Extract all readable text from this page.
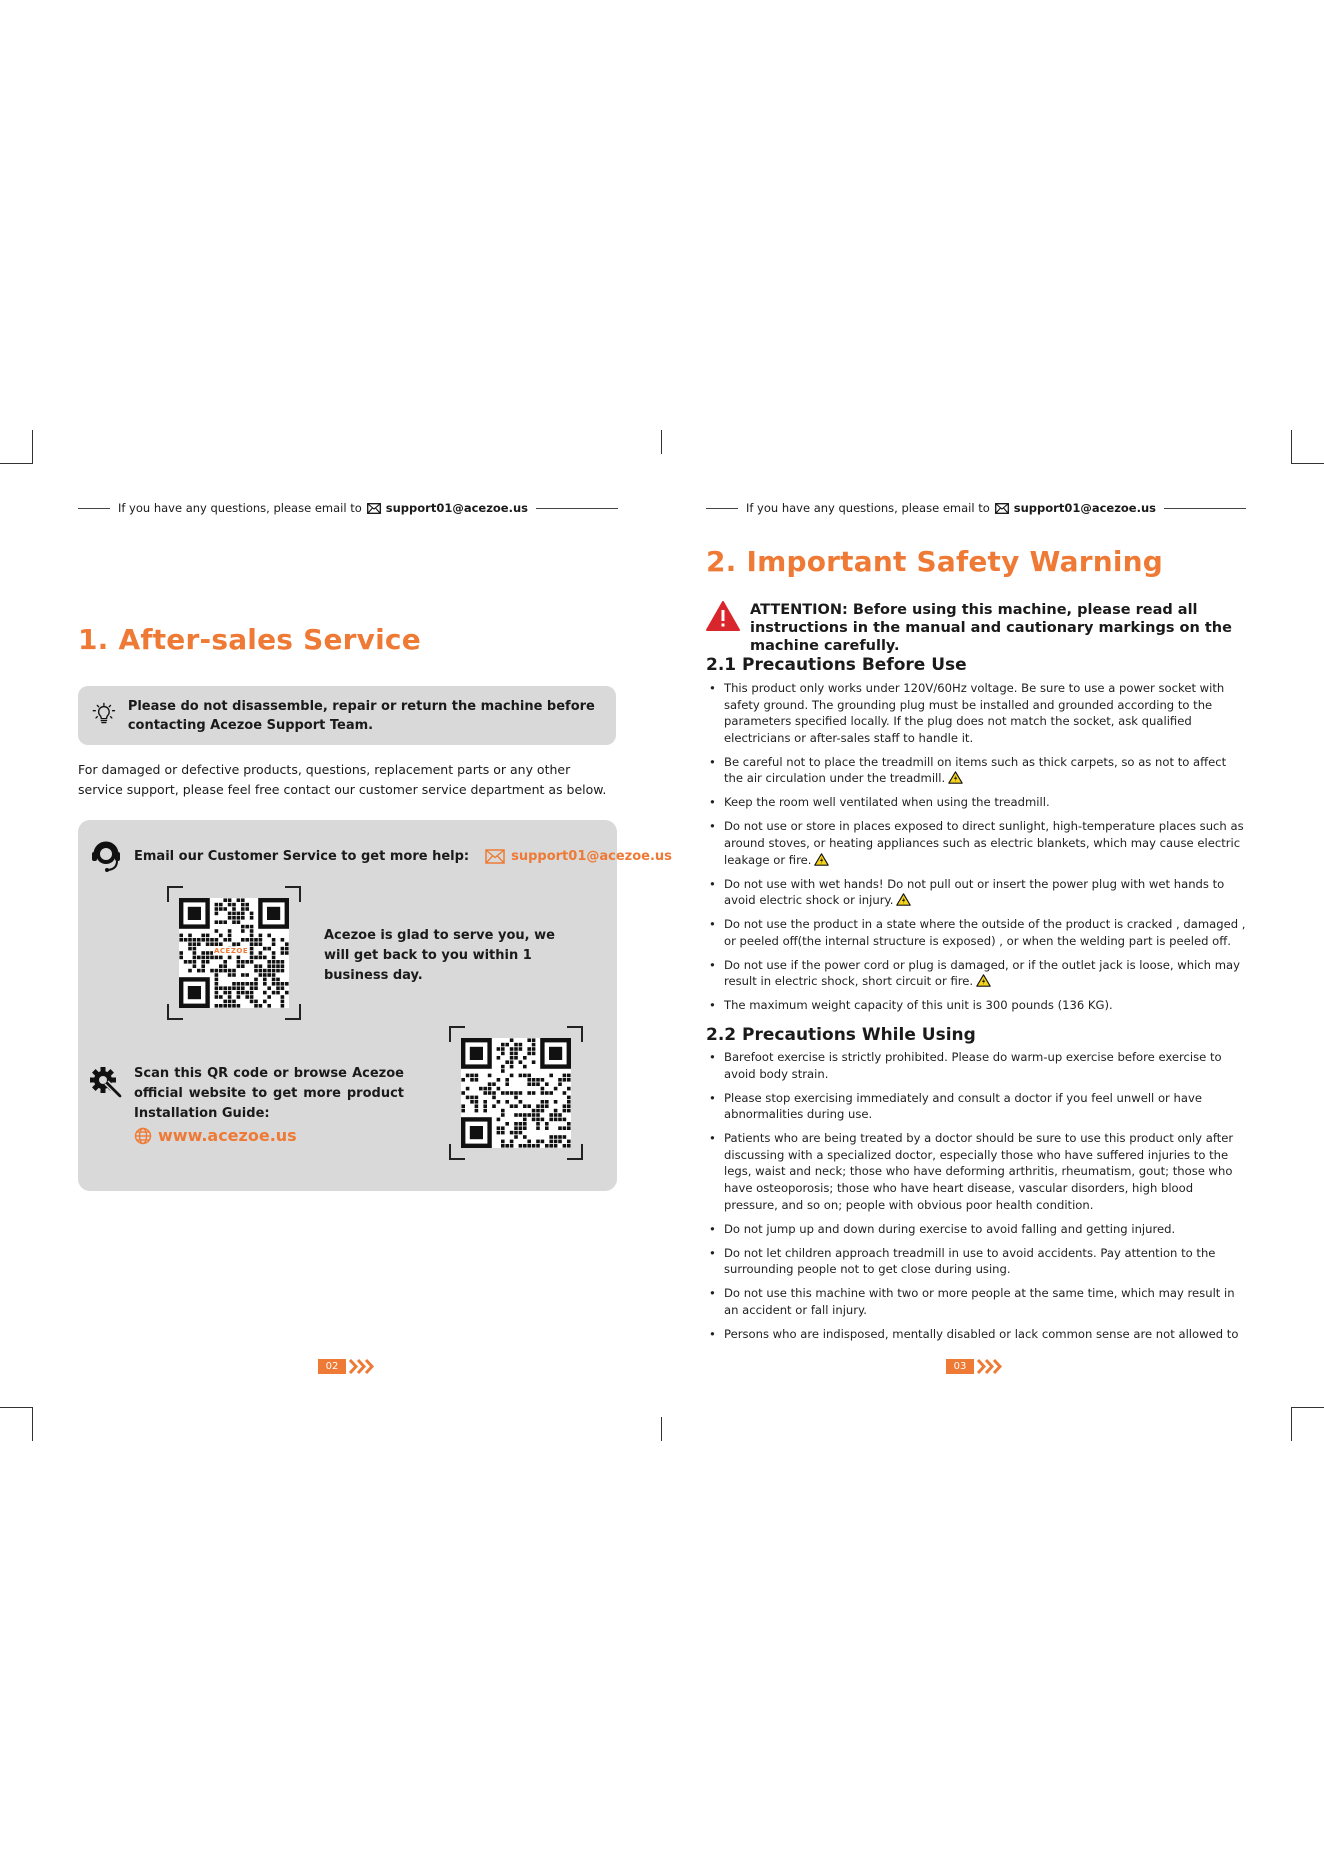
If you have any questions, please email to support01@acezoe.us
1. After-sales Service
Please do not disassemble, repair or return the machine before contacting Acezoe Support Team.
For damaged or defective products, questions, replacement parts or any other service support, please feel free contact our customer service department as below.
Email our Customer Service to get more help:	support01@acezoe.us
ACEZOE
Acezoe is glad to serve you, we will get back to you within 1 business day.
Scan this QR code or browse Acezoe official website to get more product Installation Guide:
www.acezoe.us
02
If you have any questions, please email to support01@acezoe.us
2. Important Safety Warning
ATTENTION: Before using this machine, please read all instructions in the manual and cautionary markings on the machine carefully.
2.1 Precautions Before Use
• This product only works under 120V/60Hz voltage. Be sure to use a power socket with safety ground. The grounding plug must be installed and grounded according to the parameters specified locally. If the plug does not match the socket, ask qualified electricians or after-sales staff to handle it.
• Be careful not to place the treadmill on items such as thick carpets, so as not to affect the air circulation under the treadmill.
• Keep the room well ventilated when using the treadmill.
• Do not use or store in places exposed to direct sunlight, high-temperature places such as around stoves, or heating appliances such as electric blankets, which may cause electric leakage or fire.
• Do not use with wet hands! Do not pull out or insert the power plug with wet hands to avoid electric shock or injury.
• Do not use the product in a state where the outside of the product is cracked , damaged , or peeled off(the internal structure is exposed) , or when the welding part is peeled off.
• Do not use if the power cord or plug is damaged, or if the outlet jack is loose, which may result in electric shock, short circuit or fire.
• The maximum weight capacity of this unit is 300 pounds (136 KG).
2.2 Precautions While Using
• Barefoot exercise is strictly prohibited. Please do warm-up exercise before exercise to avoid body strain.
• Please stop exercising immediately and consult a doctor if you feel unwell or have abnormalities during use.
• Patients who are being treated by a doctor should be sure to use this product only after discussing with a specialized doctor, especially those who have suffered injuries to the legs, waist and neck; those who have deforming arthritis, rheumatism, gout; those who have osteoporosis; those who have heart disease, vascular disorders, high blood pressure, and so on; people with obvious poor health condition.
• Do not jump up and down during exercise to avoid falling and getting injured.
• Do not let children approach treadmill in use to avoid accidents. Pay attention to the surrounding people not to get close during using.
• Do not use this machine with two or more people at the same time, which may result in an accident or fall injury.
• Persons who are indisposed, mentally disabled or lack common sense are not allowed to
03
